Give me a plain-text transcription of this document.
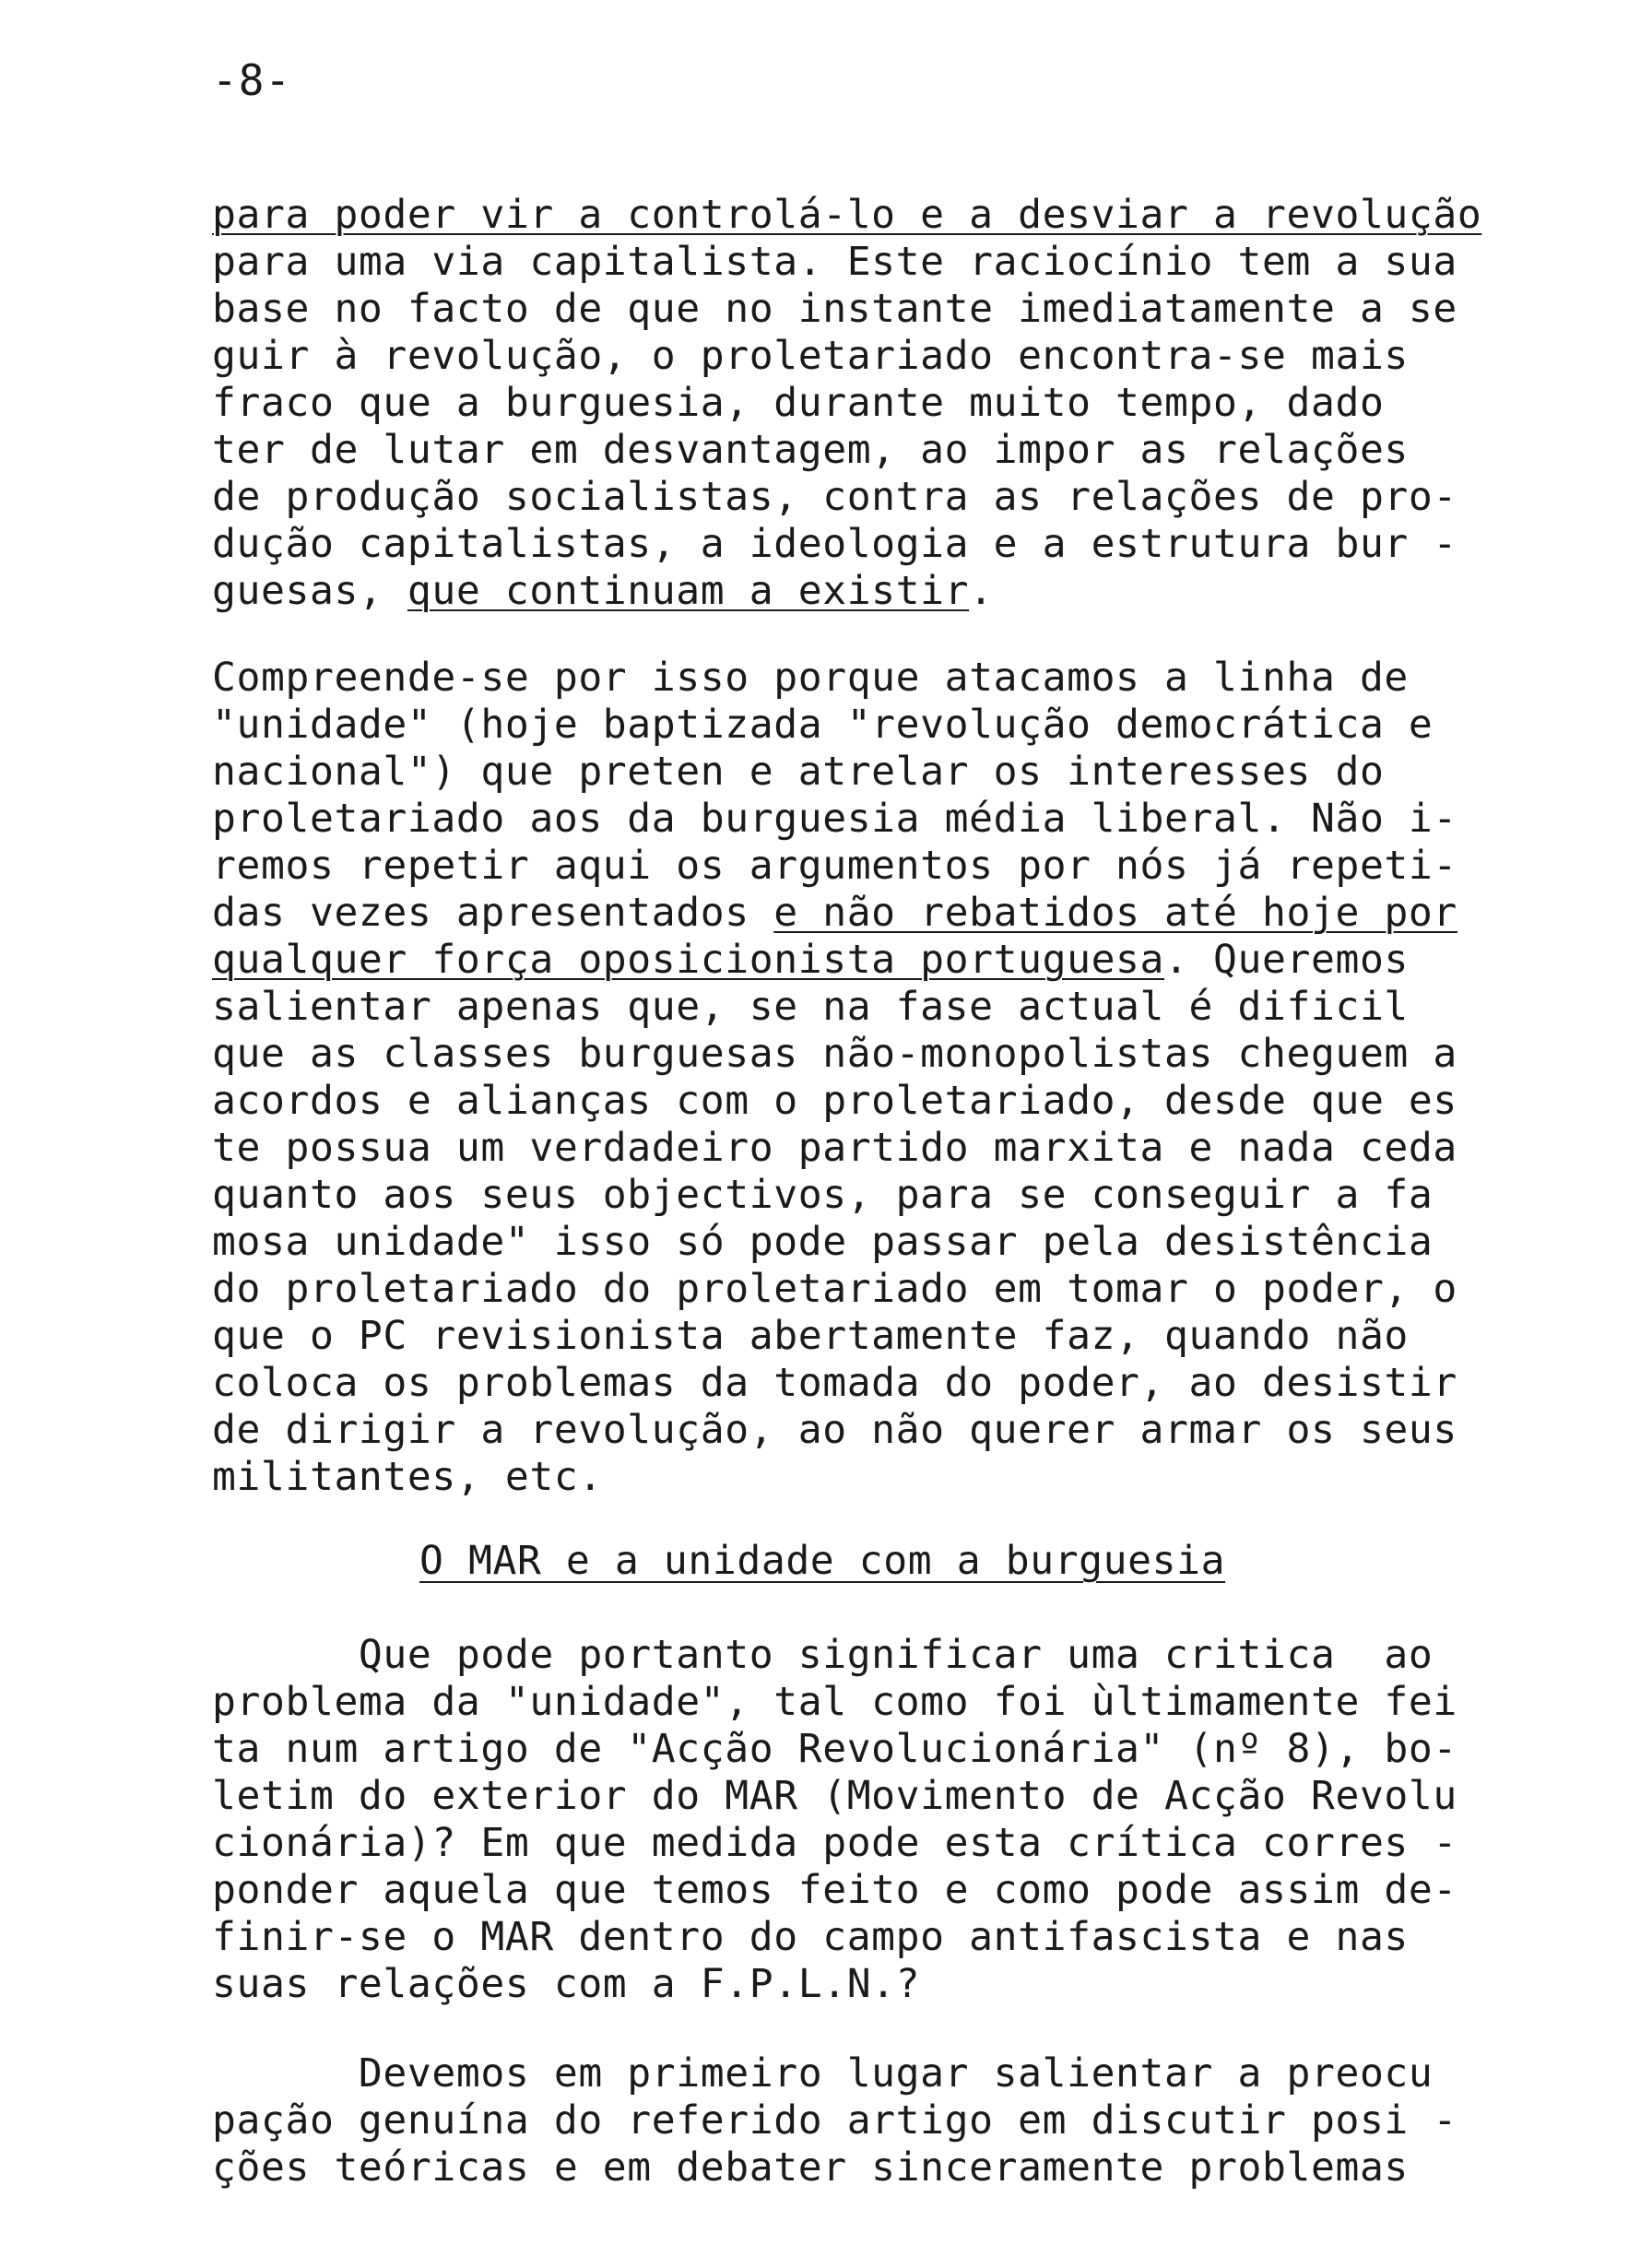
-8-
para poder vir a controlá-lo e a desviar a revolução
para uma via capitalista. Este raciocínio tem a sua
base no facto de que no instante imediatamente a se
guir à revolução, o proletariado encontra-se mais
fraco que a burguesia, durante muito tempo, dado
ter de lutar em desvantagem, ao impor as relações
de produção socialistas, contra as relações de pro-
dução capitalistas, a ideologia e a estrutura bur -
guesas, que continuam a existir.
Compreende-se por isso porque atacamos a linha de
"unidade" (hoje baptizada "revolução democrática e
nacional") que preten e atrelar os interesses do
proletariado aos da burguesia média liberal. Não i-
remos repetir aqui os argumentos por nós já repeti-
das vezes apresentados e não rebatidos até hoje por
qualquer força oposicionista portuguesa. Queremos
salientar apenas que, se na fase actual é dificil
que as classes burguesas não-monopolistas cheguem a
acordos e alianças com o proletariado, desde que es
te possua um verdadeiro partido marxita e nada ceda
quanto aos seus objectivos, para se conseguir a fa
mosa unidade" isso só pode passar pela desistência
do proletariado do proletariado em tomar o poder, o
que o PC revisionista abertamente faz, quando não
coloca os problemas da tomada do poder, ao desistir
de dirigir a revolução, ao não querer armar os seus
militantes, etc.
O MAR e a unidade com a burguesia
Que pode portanto significar uma critica  ao
problema da "unidade", tal como foi ùltimamente fei
ta num artigo de "Acção Revolucionária" (nº 8), bo-
letim do exterior do MAR (Movimento de Acção Revolu
cionária)? Em que medida pode esta crítica corres -
ponder aquela que temos feito e como pode assim de-
finir-se o MAR dentro do campo antifascista e nas
suas relações com a F.P.L.N.?
Devemos em primeiro lugar salientar a preocu
pação genuína do referido artigo em discutir posi -
ções teóricas e em debater sinceramente problemas
